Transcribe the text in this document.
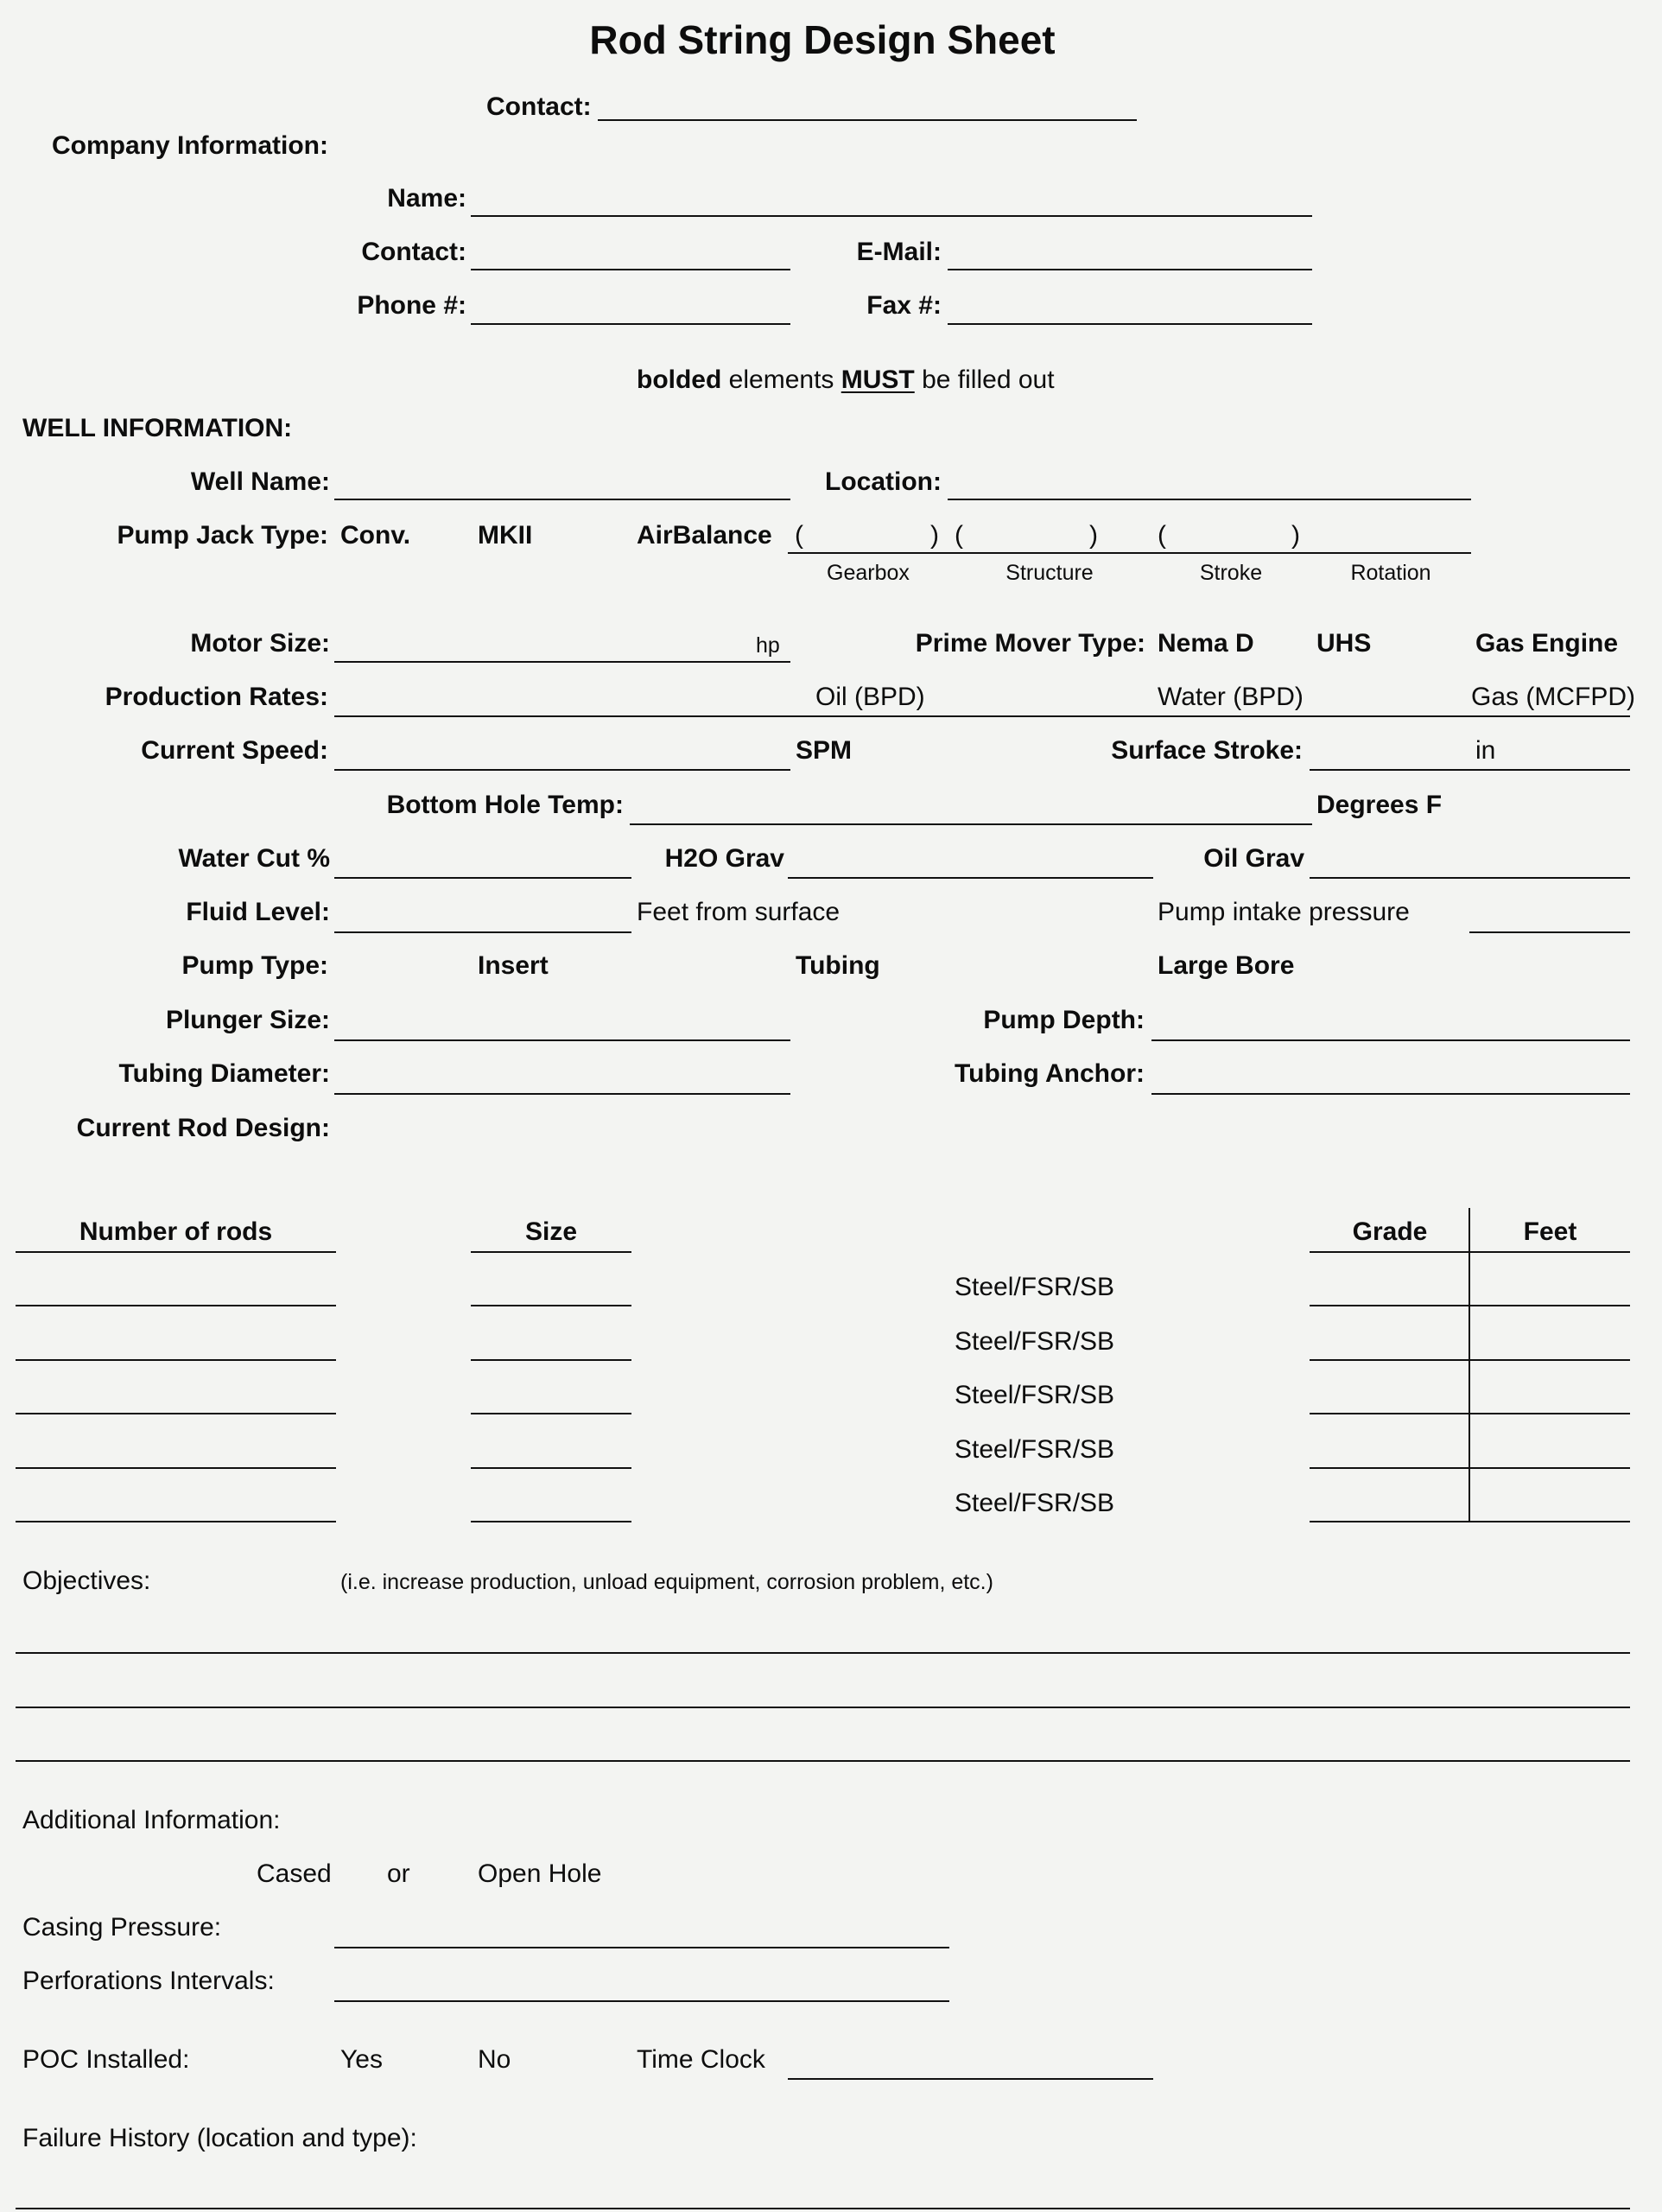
Rod String Design Sheet
Contact:
Company Information:
Name:
Contact:	E-Mail:
Phone #:	Fax #:
bolded elements MUST be filled out
WELL INFORMATION:
Well Name:	Location:
Pump Jack Type: Conv.	MKII	AirBalance (	) (	) (	)
Gearbox	Structure	Stroke	Rotation
Motor Size:	hp	Prime Mover Type: Nema D UHS	Gas Engine
Production Rates:	Oil (BPD)	Water (BPD)	Gas (MCFPD)
Current Speed:	SPM	Surface Stroke:	in
Bottom Hole Temp:	Degrees F
Water Cut %	H2O Grav	Oil Grav
Fluid Level:	Feet from surface	Pump intake pressure
Pump Type:	Insert	Tubing	Large Bore
Plunger Size:	Pump Depth:
Tubing Diameter:	Tubing Anchor:
Current Rod Design:
Number of rods	Size	Grade	Feet
Steel/FSR/SB
Steel/FSR/SB
Steel/FSR/SB
Steel/FSR/SB
Steel/FSR/SB
Objectives:	(i.e. increase production, unload equipment, corrosion problem, etc.)
Additional Information:
Cased or	Open Hole
Casing Pressure:
Perforations Intervals:
POC Installed:	Yes	No	Time Clock
Failure History (location and type):
